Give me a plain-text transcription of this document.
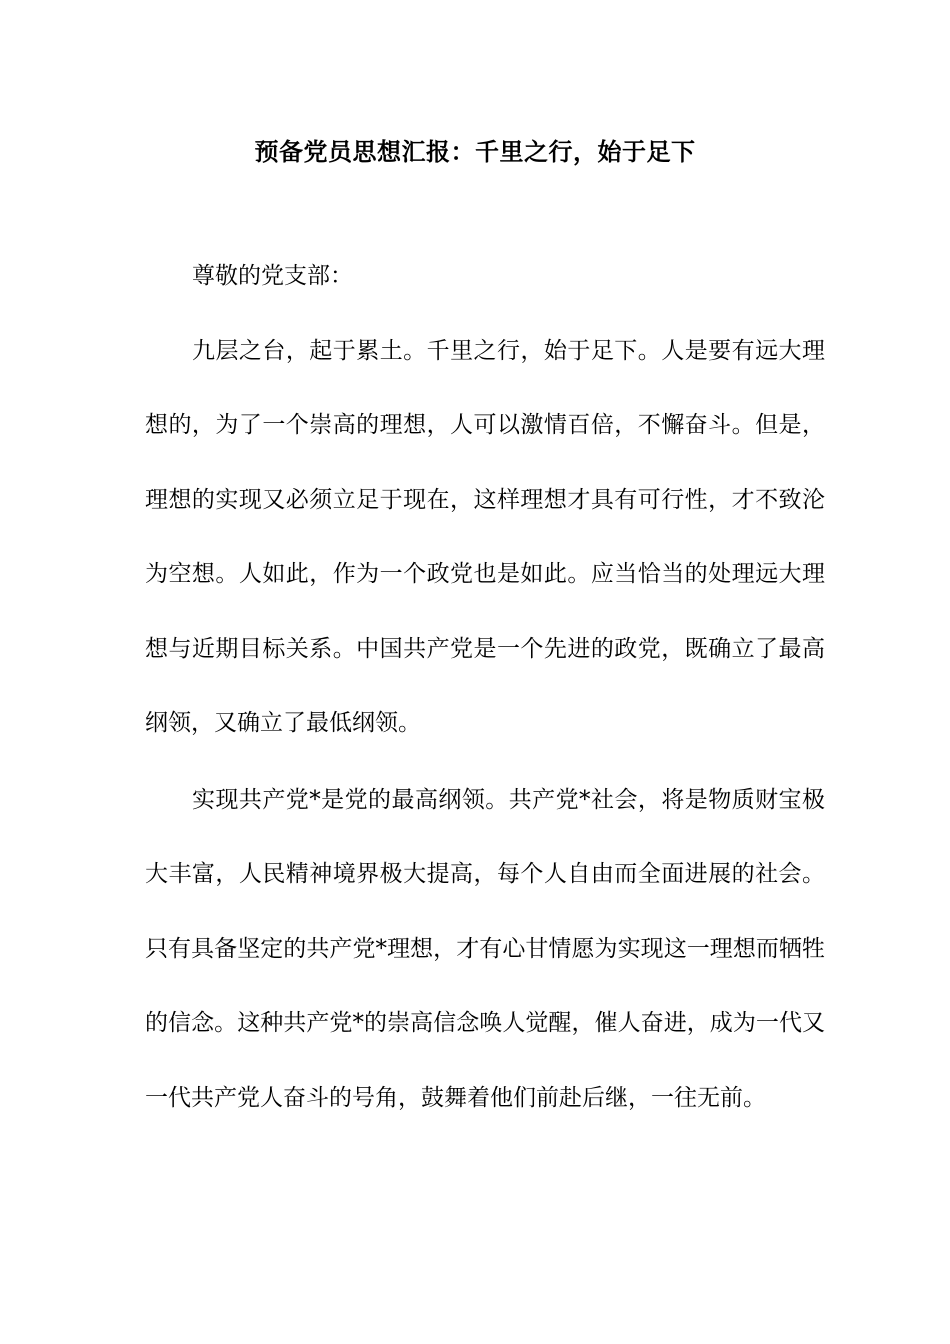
预备党员思想汇报：千里之行，始于足下

尊敬的党支部：

九层之台，起于累土。千里之行，始于足下。人是要有远大理想的，为了一个崇高的理想，人可以激情百倍，不懈奋斗。但是，理想的实现又必须立足于现在，这样理想才具有可行性，才不致沦为空想。人如此，作为一个政党也是如此。应当恰当的处理远大理想与近期目标关系。中国共产党是一个先进的政党，既确立了最高纲领，又确立了最低纲领。

实现共产党*是党的最高纲领。共产党*社会，将是物质财宝极大丰富，人民精神境界极大提高，每个人自由而全面进展的社会。只有具备坚定的共产党*理想，才有心甘情愿为实现这一理想而牺牲的信念。这种共产党*的崇高信念唤人觉醒，催人奋进，成为一代又一代共产党人奋斗的号角，鼓舞着他们前赴后继，一往无前。
